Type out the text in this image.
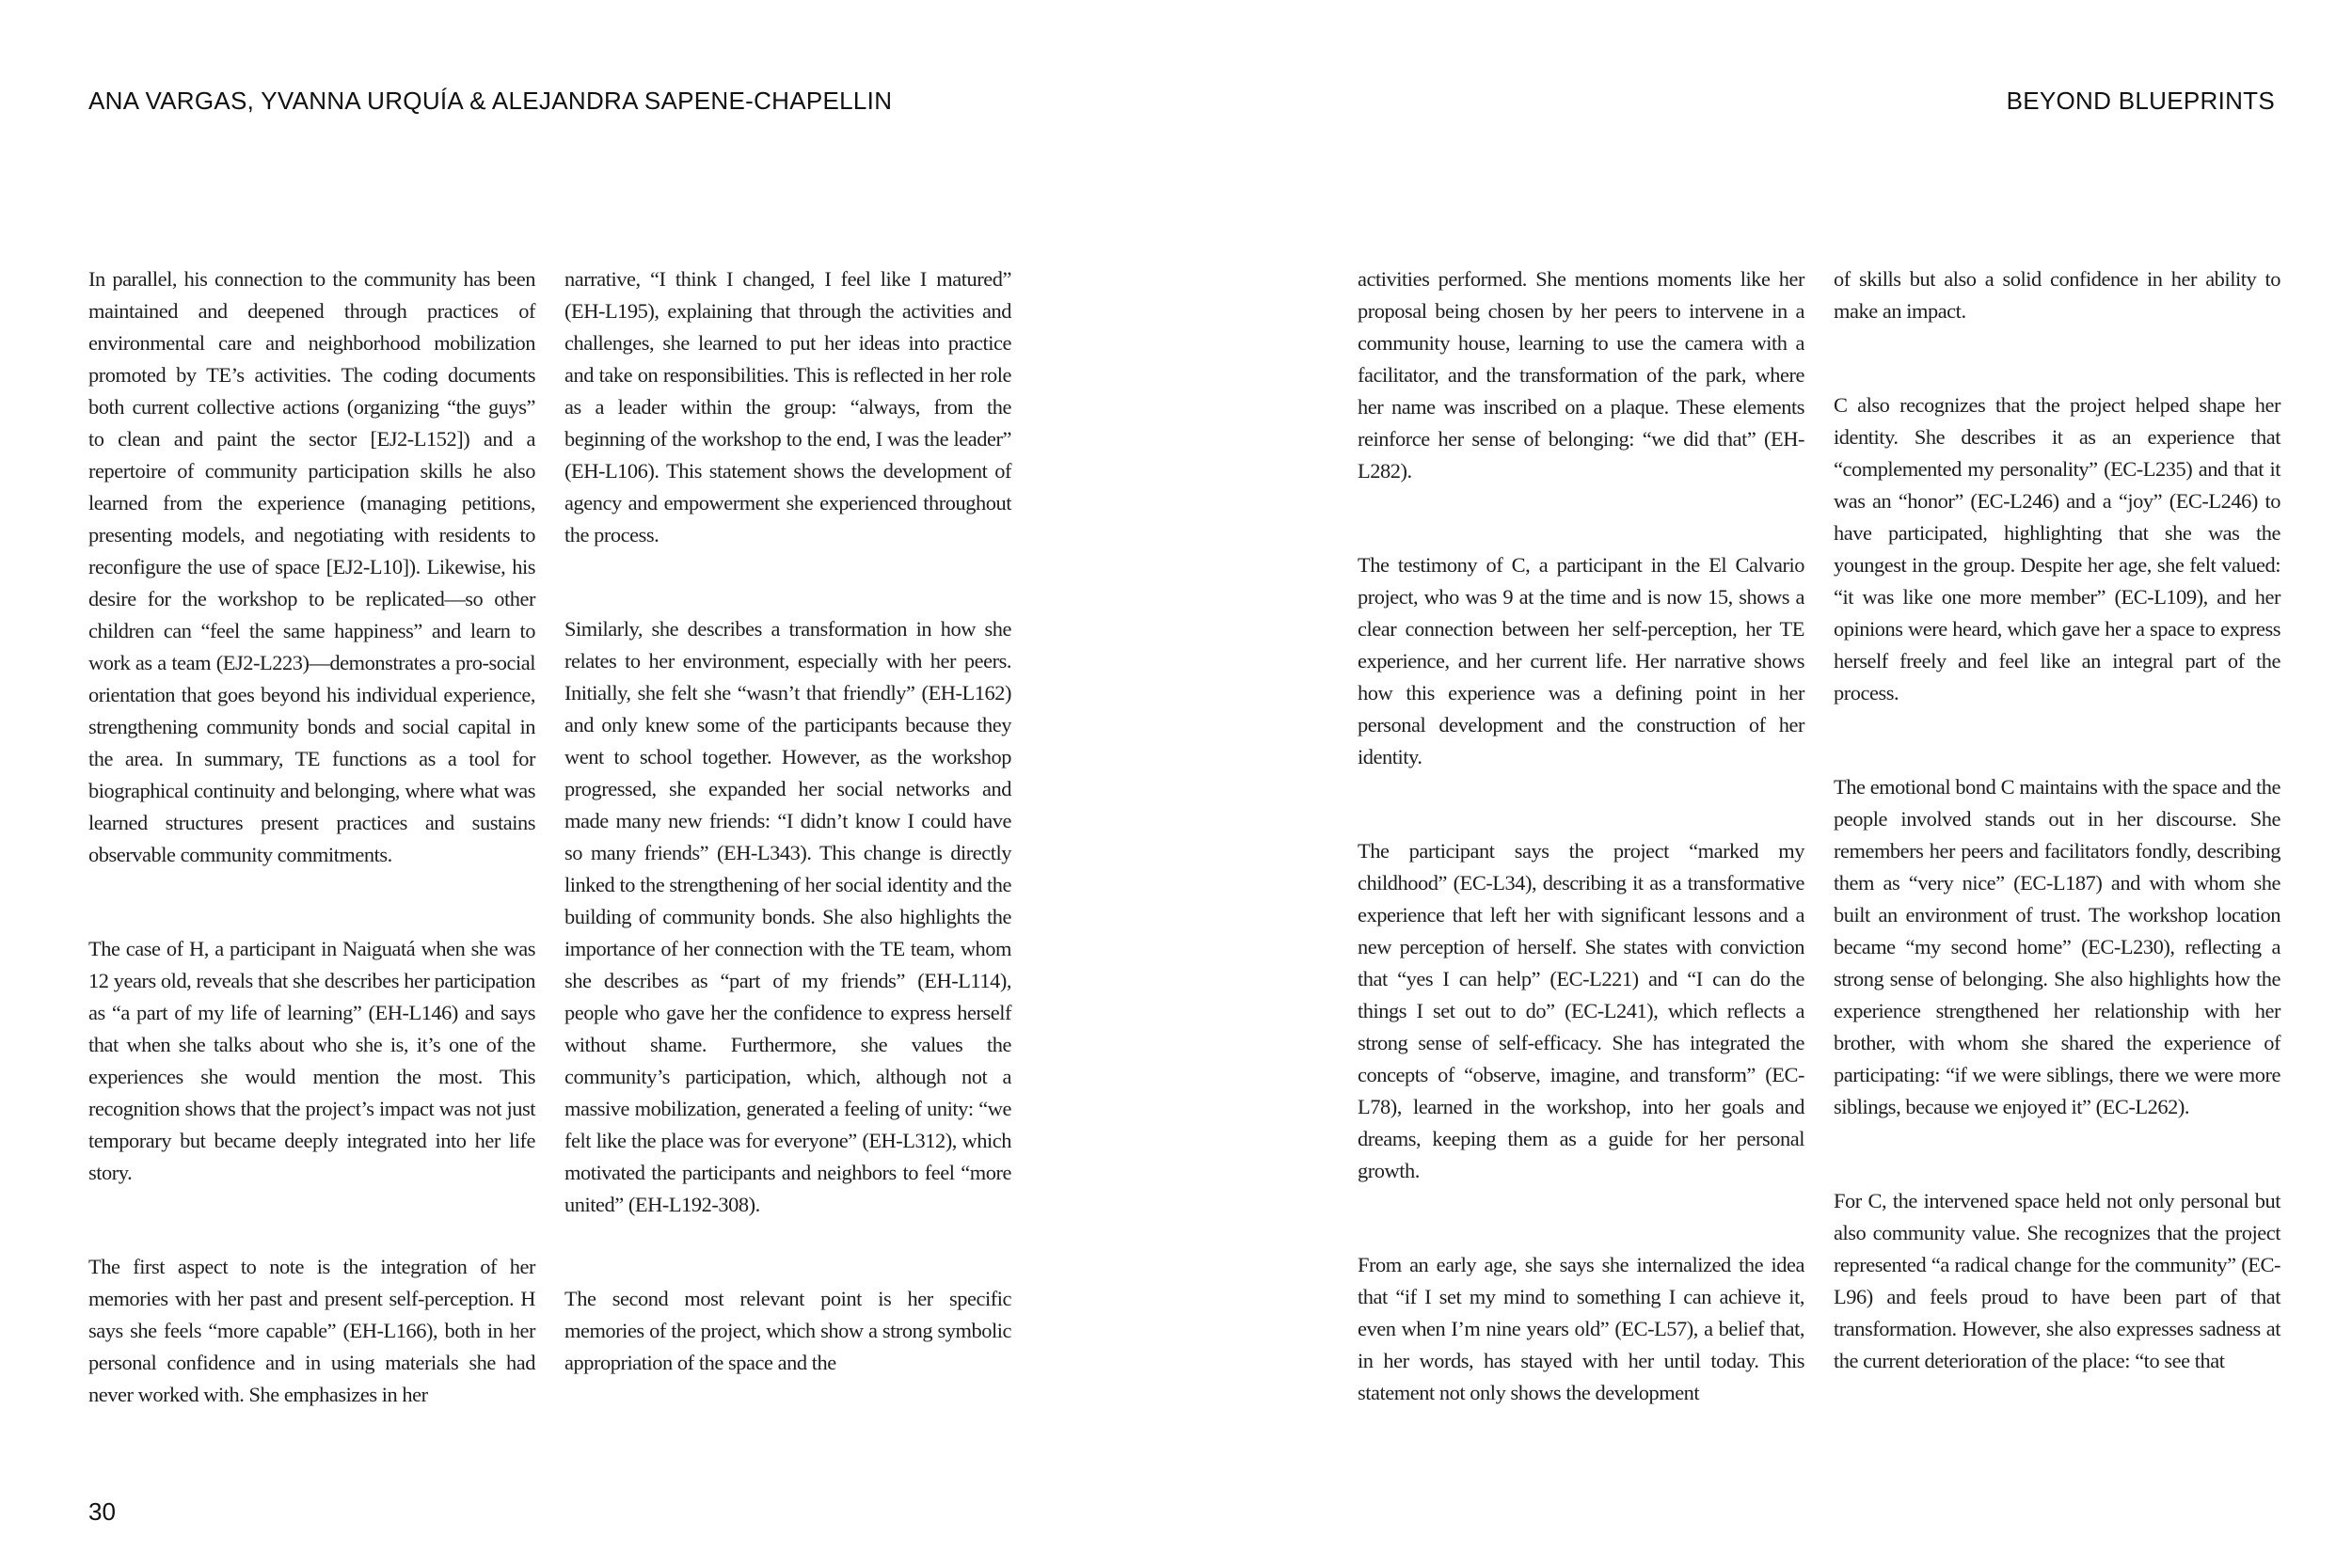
ANA VARGAS, YVANNA URQUÍA & ALEJANDRA SAPENE-CHAPELLIN	BEYOND BLUEPRINTS

In parallel, his connection to the community has been maintained and deepened through practices of environmental care and neighborhood mobilization promoted by TE’s activities. The coding documents both current collective actions (organizing “the guys” to clean and paint the sector [EJ2-L152]) and a repertoire of community participation skills he also learned from the experience (managing petitions, presenting models, and negotiating with residents to reconfigure the use of space [EJ2-L10]). Likewise, his desire for the workshop to be replicated—so other children can “feel the same happiness” and learn to work as a team (EJ2-L223)—demonstrates a pro-social orientation that goes beyond his individual experience, strengthening community bonds and social capital in the area. In summary, TE functions as a tool for biographical continuity and belonging, where what was learned structures present practices and sustains observable community commitments.

The case of H, a participant in Naiguatá when she was 12 years old, reveals that she describes her participation as “a part of my life of learning” (EH-L146) and says that when she talks about who she is, it’s one of the experiences she would mention the most. This recognition shows that the project’s impact was not just temporary but became deeply integrated into her life story.

The first aspect to note is the integration of her memories with her past and present self-perception. H says she feels “more capable” (EH-L166), both in her personal confidence and in using materials she had never worked with. She emphasizes in her

narrative, “I think I changed, I feel like I matured” (EH-L195), explaining that through the activities and challenges, she learned to put her ideas into practice and take on responsibilities. This is reflected in her role as a leader within the group: “always, from the beginning of the workshop to the end, I was the leader” (EH-L106). This statement shows the development of agency and empowerment she experienced throughout the process.

Similarly, she describes a transformation in how she relates to her environment, especially with her peers. Initially, she felt she “wasn’t that friendly” (EH-L162) and only knew some of the participants because they went to school together. However, as the workshop progressed, she expanded her social networks and made many new friends: “I didn’t know I could have so many friends” (EH-L343). This change is directly linked to the strengthening of her social identity and the building of community bonds. She also highlights the importance of her connection with the TE team, whom she describes as “part of my friends” (EH-L114), people who gave her the confidence to express herself without shame. Furthermore, she values the community’s participation, which, although not a massive mobilization, generated a feeling of unity: “we felt like the place was for everyone” (EH-L312), which motivated the participants and neighbors to feel “more united” (EH-L192-308).

The second most relevant point is her specific memories of the project, which show a strong symbolic appropriation of the space and the

activities performed. She mentions moments like her proposal being chosen by her peers to intervene in a community house, learning to use the camera with a facilitator, and the transformation of the park, where her name was inscribed on a plaque. These elements reinforce her sense of belonging: “we did that” (EH-L282).

The testimony of C, a participant in the El Calvario project, who was 9 at the time and is now 15, shows a clear connection between her self-perception, her TE experience, and her current life. Her narrative shows how this experience was a defining point in her personal development and the construction of her identity.

The participant says the project “marked my childhood” (EC-L34), describing it as a transformative experience that left her with significant lessons and a new perception of herself. She states with conviction that “yes I can help” (EC-L221) and “I can do the things I set out to do” (EC-L241), which reflects a strong sense of self-efficacy. She has integrated the concepts of “observe, imagine, and transform” (EC-L78), learned in the workshop, into her goals and dreams, keeping them as a guide for her personal growth.

From an early age, she says she internalized the idea that “if I set my mind to something I can achieve it, even when I’m nine years old” (EC-L57), a belief that, in her words, has stayed with her until today. This statement not only shows the development

of skills but also a solid confidence in her ability to make an impact.

C also recognizes that the project helped shape her identity. She describes it as an experience that “complemented my personality” (EC-L235) and that it was an “honor” (EC-L246) and a “joy” (EC-L246) to have participated, highlighting that she was the youngest in the group. Despite her age, she felt valued: “it was like one more member” (EC-L109), and her opinions were heard, which gave her a space to express herself freely and feel like an integral part of the process.

The emotional bond C maintains with the space and the people involved stands out in her discourse. She remembers her peers and facilitators fondly, describing them as “very nice” (EC-L187) and with whom she built an environment of trust. The workshop location became “my second home” (EC-L230), reflecting a strong sense of belonging. She also highlights how the experience strengthened her relationship with her brother, with whom she shared the experience of participating: “if we were siblings, there we were more siblings, because we enjoyed it” (EC-L262).

For C, the intervened space held not only personal but also community value. She recognizes that the project represented “a radical change for the community” (EC-L96) and feels proud to have been part of that transformation. However, she also expresses sadness at the current deterioration of the place: “to see that

30
